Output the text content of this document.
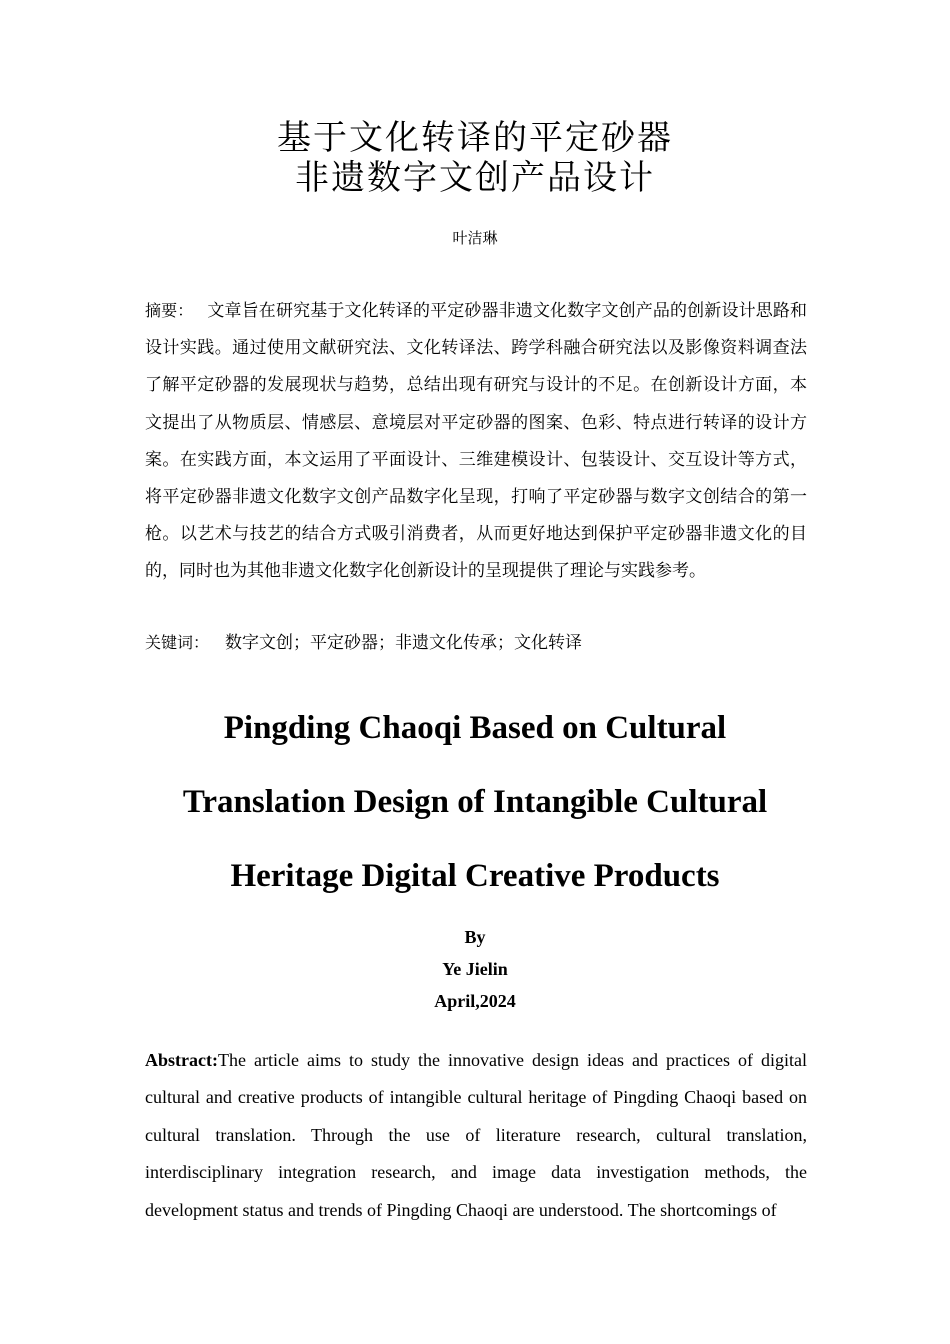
基于文化转译的平定砂器
非遗数字文创产品设计
叶洁琳
摘要： 文章旨在研究基于文化转译的平定砂器非遗文化数字文创产品的创新设计思路和设计实践。通过使用文献研究法、文化转译法、跨学科融合研究法以及影像资料调查法了解平定砂器的发展现状与趋势，总结出现有研究与设计的不足。在创新设计方面，本文提出了从物质层、情感层、意境层对平定砂器的图案、色彩、特点进行转译的设计方案。在实践方面，本文运用了平面设计、三维建模设计、包装设计、交互设计等方式，将平定砂器非遗文化数字文创产品数字化呈现，打响了平定砂器与数字文创结合的第一枪。以艺术与技艺的结合方式吸引消费者，从而更好地达到保护平定砂器非遗文化的目的，同时也为其他非遗文化数字化创新设计的呈现提供了理论与实践参考。
关键词： 数字文创；平定砂器；非遗文化传承；文化转译
Pingding Chaoqi Based on Cultural
Translation Design of Intangible Cultural
Heritage Digital Creative Products
By
Ye Jielin
April,2024
Abstract:The article aims to study the innovative design ideas and practices of digital cultural and creative products of intangible cultural heritage of Pingding Chaoqi based on cultural translation. Through the use of literature research, cultural translation, interdisciplinary integration research, and image data investigation methods, the development status and trends of Pingding Chaoqi are understood. The shortcomings of
